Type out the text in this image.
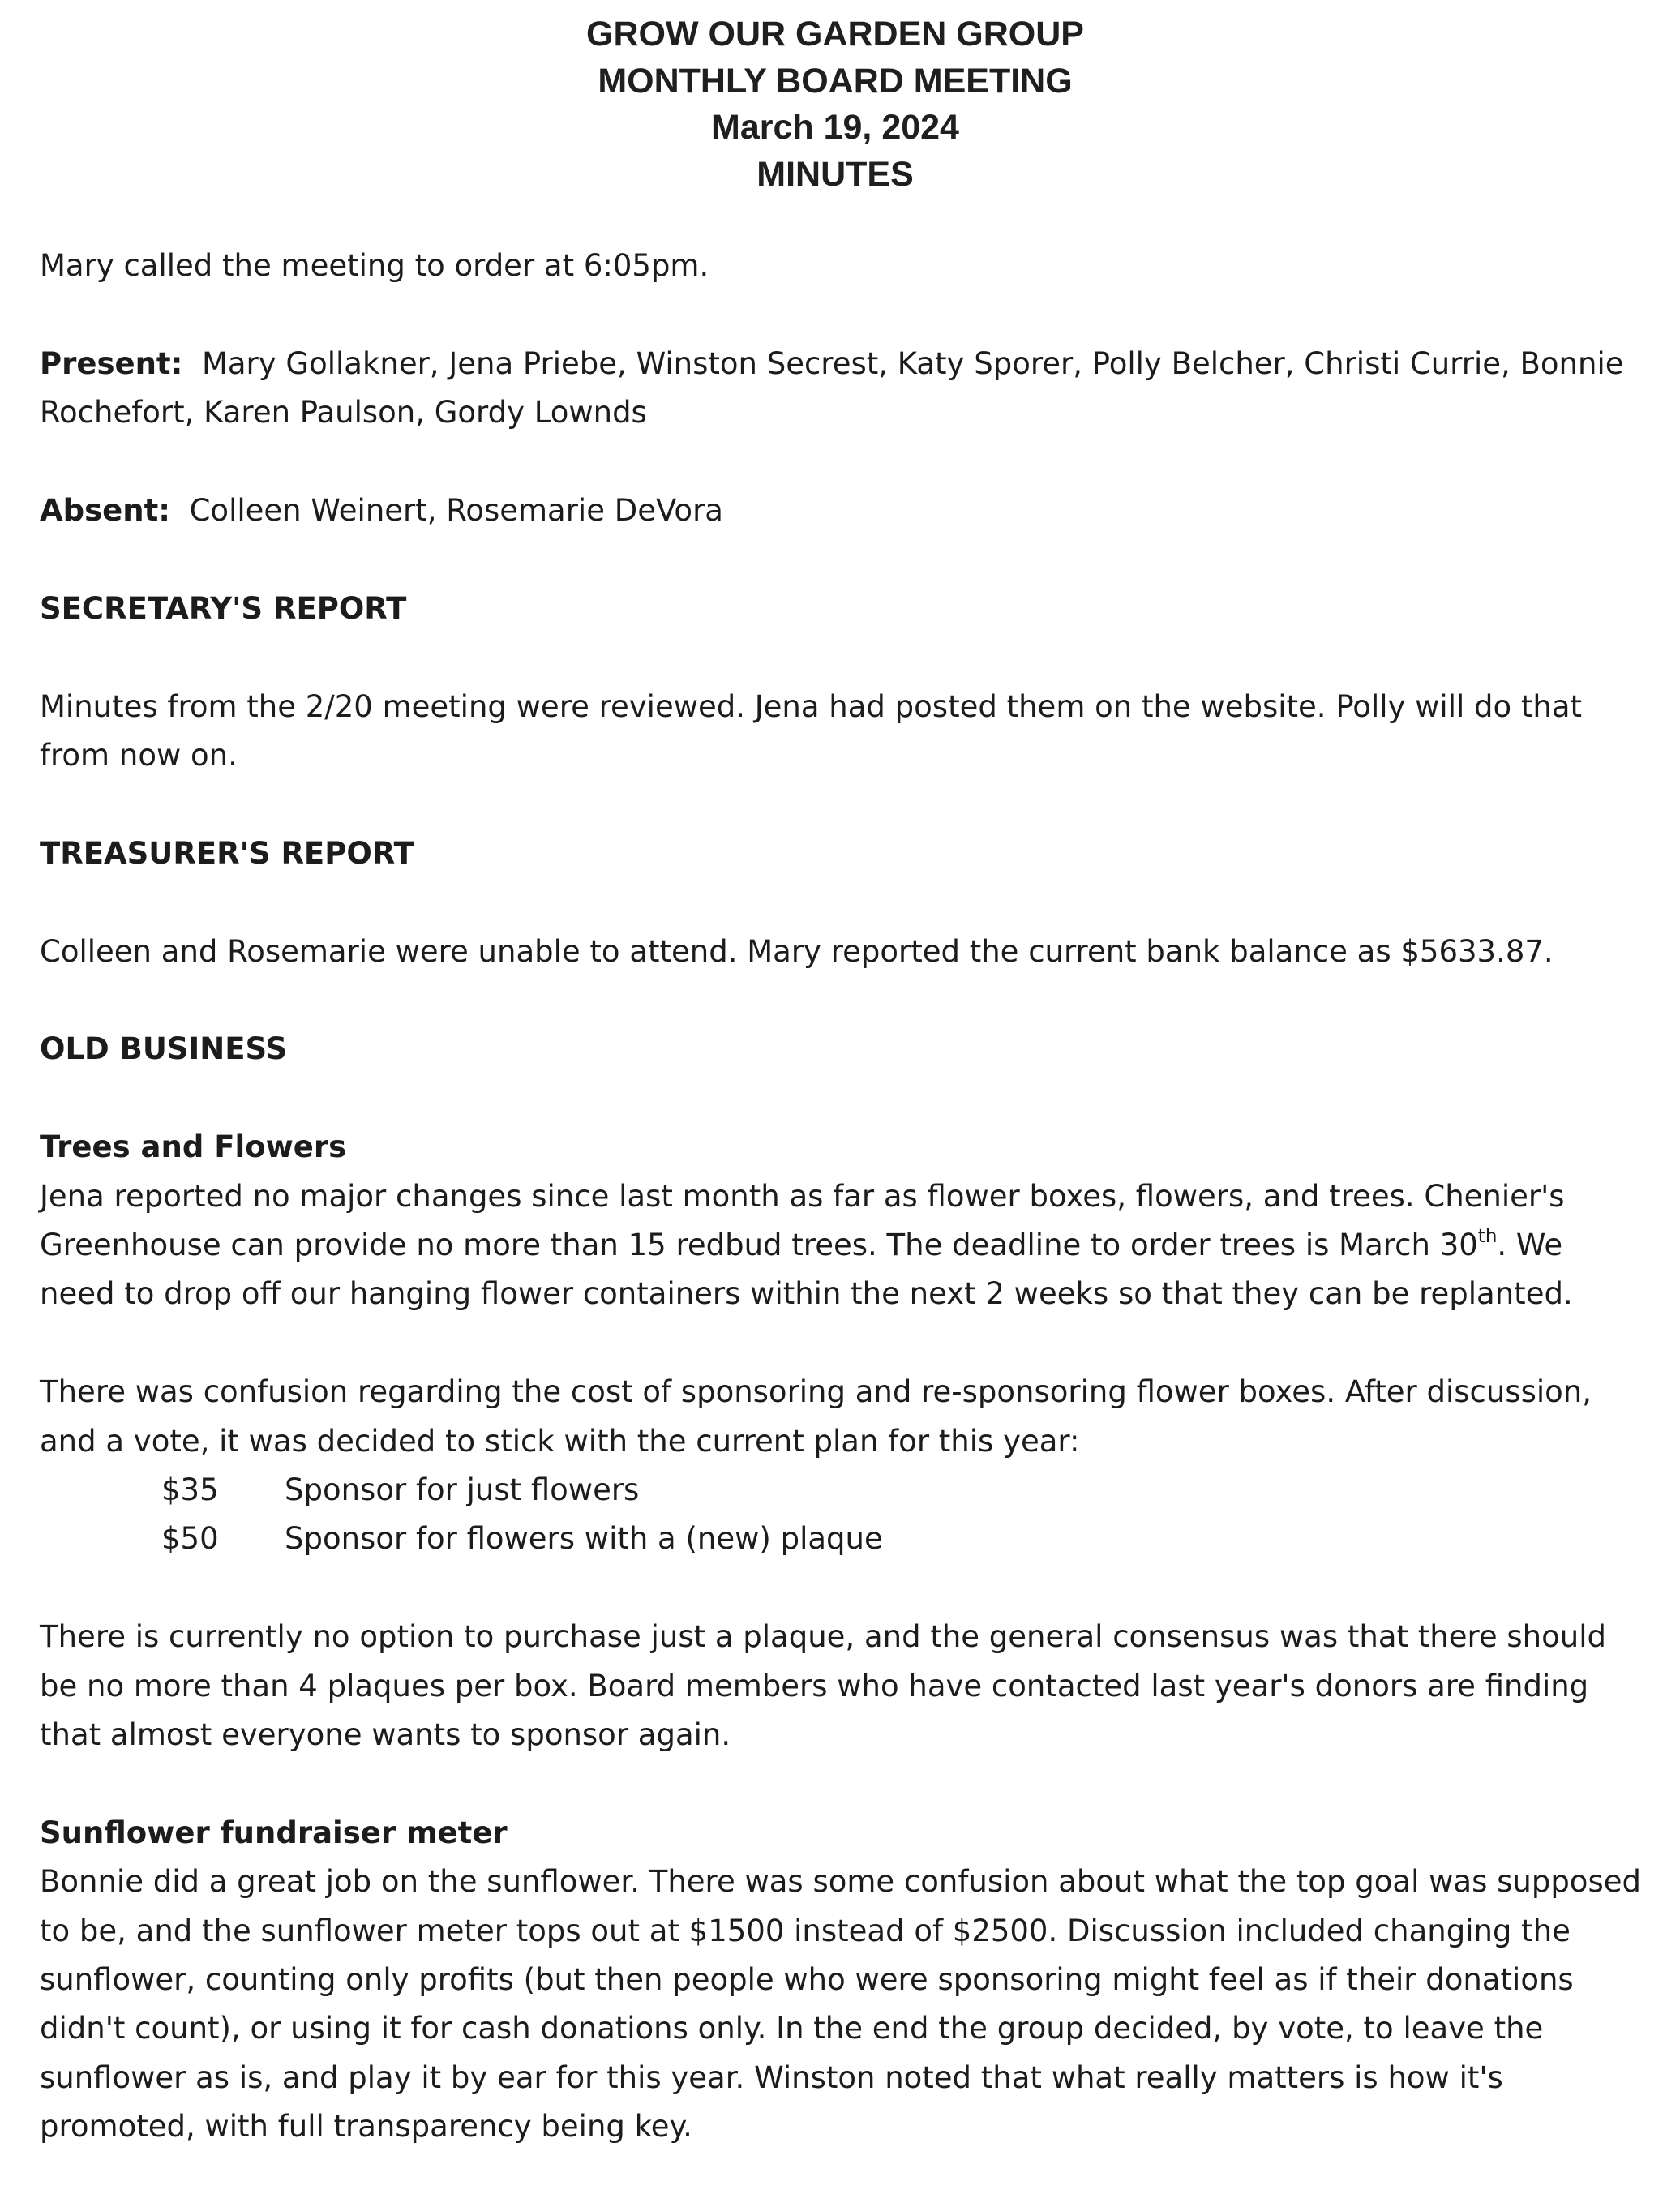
GROW OUR GARDEN GROUP
MONTHLY BOARD MEETING
March 19, 2024
MINUTES

Mary called the meeting to order at 6:05pm.

Present: Mary Gollakner, Jena Priebe, Winston Secrest, Katy Sporer, Polly Belcher, Christi Currie, Bonnie Rochefort, Karen Paulson, Gordy Lownds

Absent: Colleen Weinert, Rosemarie DeVora

SECRETARY'S REPORT

Minutes from the 2/20 meeting were reviewed. Jena had posted them on the website. Polly will do that from now on.

TREASURER'S REPORT

Colleen and Rosemarie were unable to attend. Mary reported the current bank balance as $5633.87.

OLD BUSINESS
Trees and Flowers

Jena reported no major changes since last month as far as flower boxes, flowers, and trees. Chenier's Greenhouse can provide no more than 15 redbud trees. The deadline to order trees is March 30th. We need to drop off our hanging flower containers within the next 2 weeks so that they can be replanted.

There was confusion regarding the cost of sponsoring and re-sponsoring flower boxes. After discussion, and a vote, it was decided to stick with the current plan for this year:

$35	Sponsor for just flowers
$50	Sponsor for flowers with a (new) plaque

There is currently no option to purchase just a plaque, and the general consensus was that there should be no more than 4 plaques per box. Board members who have contacted last year's donors are finding that almost everyone wants to sponsor again.

Sunflower fundraiser meter

Bonnie did a great job on the sunflower. There was some confusion about what the top goal was supposed to be, and the sunflower meter tops out at $1500 instead of $2500. Discussion included changing the sunflower, counting only profits (but then people who were sponsoring might feel as if their donations didn't count), or using it for cash donations only. In the end the group decided, by vote, to leave the sunflower as is, and play it by ear for this year. Winston noted that what really matters is how it's promoted, with full transparency being key.
